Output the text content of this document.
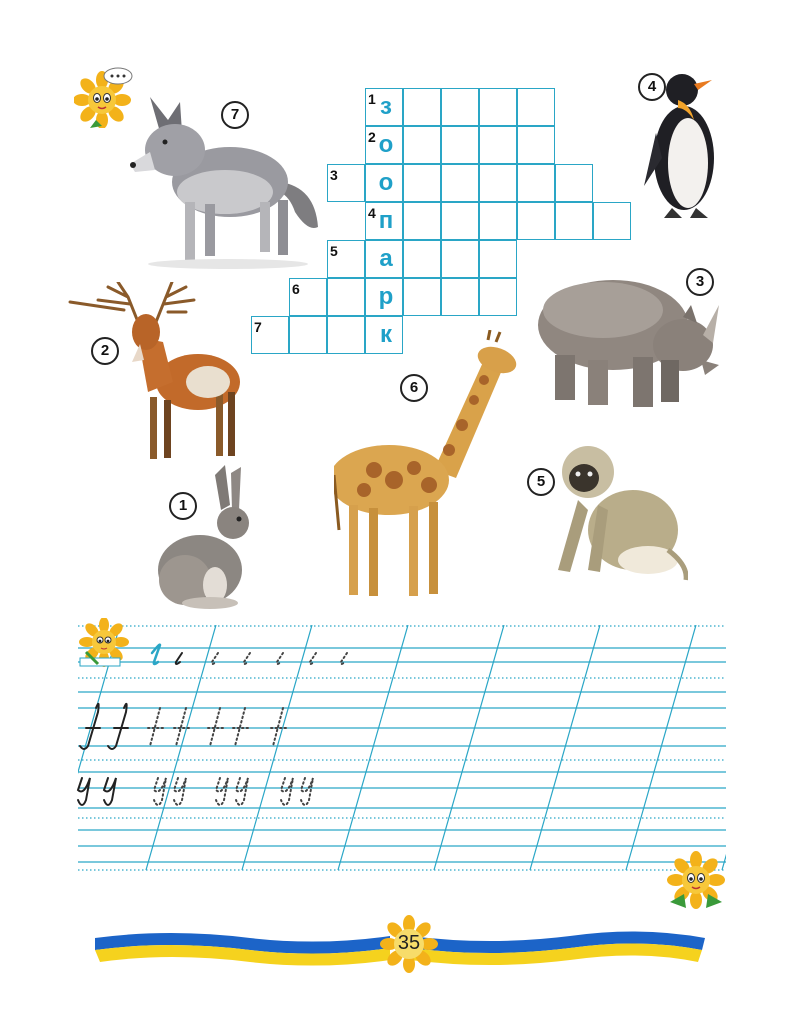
7
2
1
1 з
2 о
3	о
4 п
5	а
6	р
7	к
4
3
6
5
35
